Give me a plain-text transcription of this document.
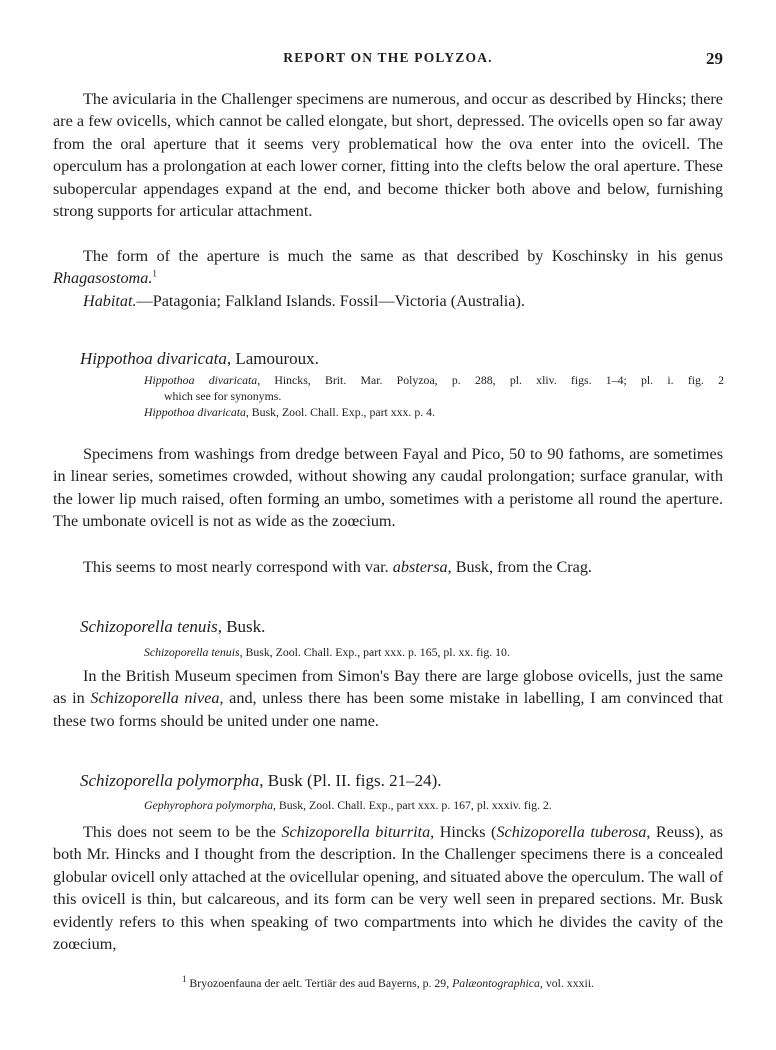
REPORT ON THE POLYZOA.	29

The avicularia in the Challenger specimens are numerous, and occur as described by Hincks; there are a few ovicells, which cannot be called elongate, but short, depressed. The ovicells open so far away from the oral aperture that it seems very problematical how the ova enter into the ovicell. The operculum has a prolongation at each lower corner, fitting into the clefts below the oral aperture. These subopercular appendages expand at the end, and become thicker both above and below, furnishing strong supports for articular attachment.

The form of the aperture is much the same as that described by Koschinsky in his genus Rhagasostoma.$^1$

Habitat.—Patagonia; Falkland Islands. Fossil—Victoria (Australia).

Hippothoa divaricata, Lamouroux.

Hippothoa divaricata, Hincks, Brit. Mar. Polyzoa, p. 288, pl. xliv. figs. 1–4; pl. i. fig. 2
which see for synonyms.
Hippothoa divaricata, Busk, Zool. Chall. Exp., part xxx. p. 4.

Specimens from washings from dredge between Fayal and Pico, 50 to 90 fathoms, are sometimes in linear series, sometimes crowded, without showing any caudal prolongation; surface granular, with the lower lip much raised, often forming an umbo, sometimes with a peristome all round the aperture. The umbonate ovicell is not as wide as the zoœcium.

This seems to most nearly correspond with var. abstersa, Busk, from the Crag.

Schizoporella tenuis, Busk.

Schizoporella tenuis, Busk, Zool. Chall. Exp., part xxx. p. 165, pl. xx. fig. 10.

In the British Museum specimen from Simon's Bay there are large globose ovicells, just the same as in Schizoporella nivea, and, unless there has been some mistake in labelling, I am convinced that these two forms should be united under one name.

Schizoporella polymorpha, Busk (Pl. II. figs. 21–24).

Gephyrophora polymorpha, Busk, Zool. Chall. Exp., part xxx. p. 167, pl. xxxiv. fig. 2.

This does not seem to be the Schizoporella biturrita, Hincks (Schizoporella tuberosa, Reuss), as both Mr. Hincks and I thought from the description. In the Challenger specimens there is a concealed globular ovicell only attached at the ovicellular opening, and situated above the operculum. The wall of this ovicell is thin, but calcareous, and its form can be very well seen in prepared sections. Mr. Busk evidently refers to this when speaking of two compartments into which he divides the cavity of the zoœcium,

$^1$ Bryozoenfauna der aelt. Tertiär des aud Bayerns, p. 29, Palæontographica, vol. xxxii.
